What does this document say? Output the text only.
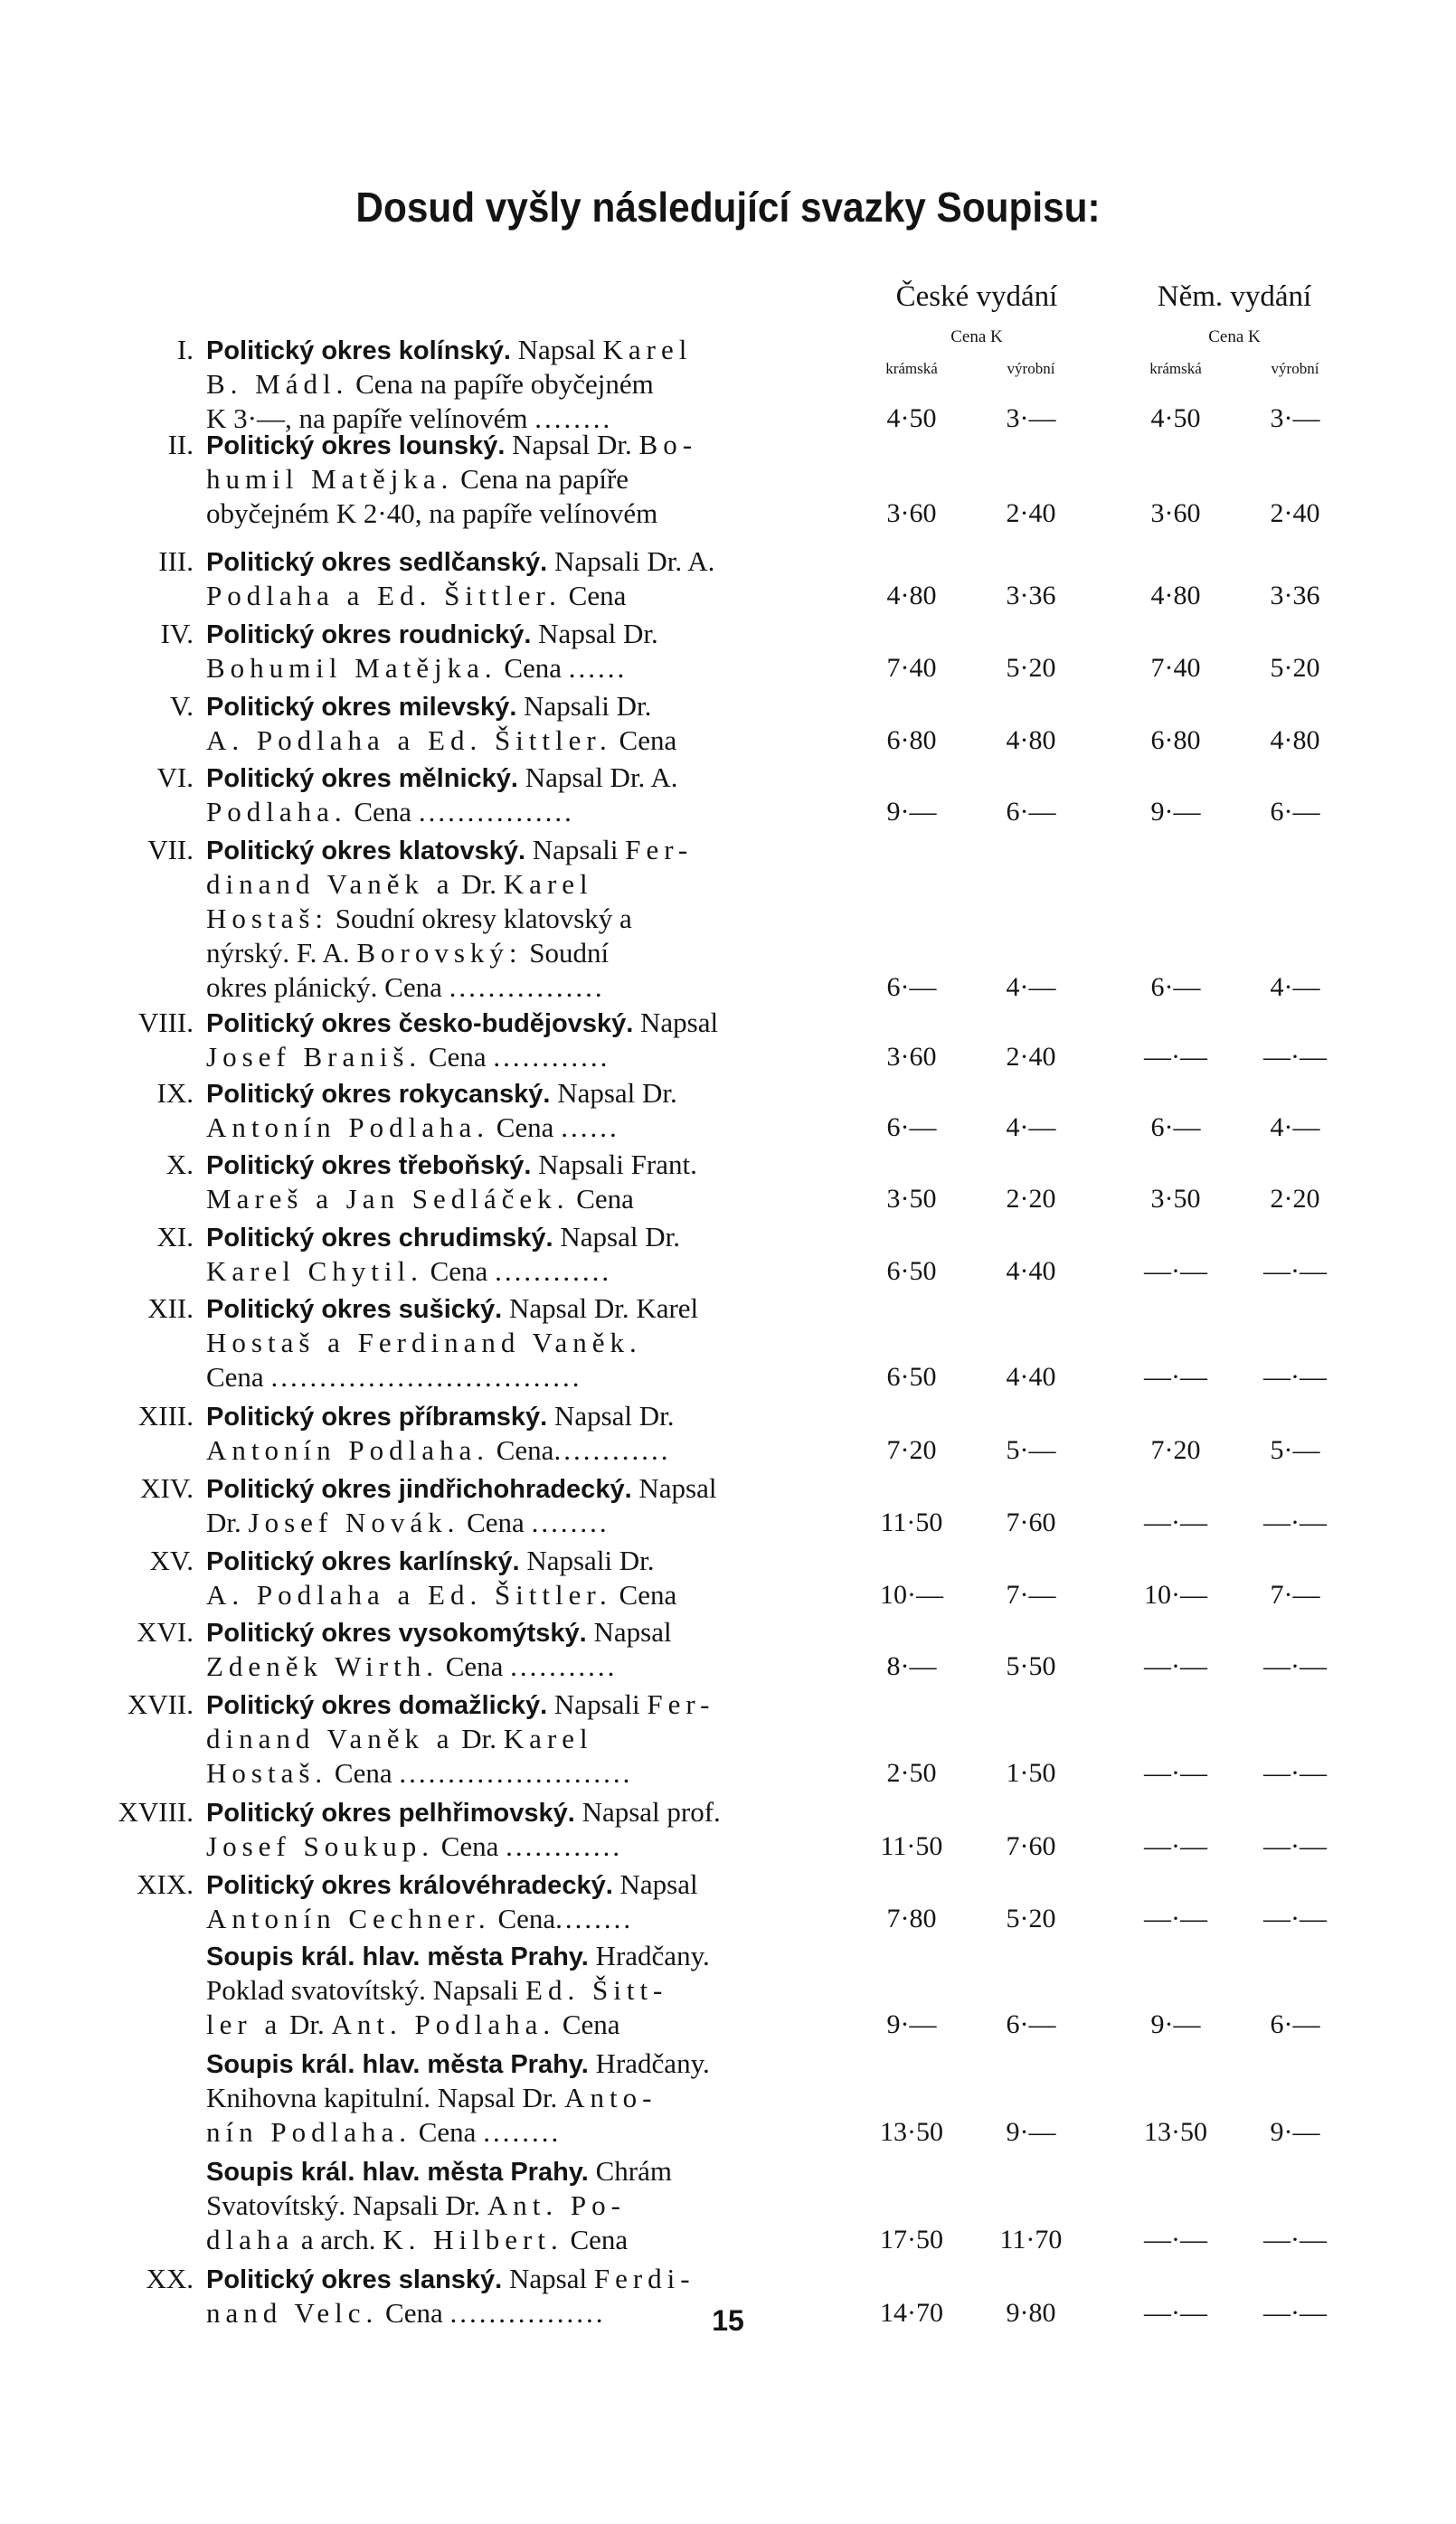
Dosud vyšly následující svazky Soupisu:
České vydání	Něm. vydání
Cena K	Cena K
krámská	výrobní	krámská	výrobní
I. Politický okres kolínský. Napsal Karel
B. Mádl. Cena na papíře obyčejném
K 3·—, na papíře velínovém ........	4·50	3·—	4·50	3·—
II. Politický okres lounský. Napsal Dr. Bo-
humil Matějka. Cena na papíře
obyčejném K 2·40, na papíře velínovém	3·60	2·40	3·60	2·40
III. Politický okres sedlčanský. Napsali Dr. A.
Podlaha a Ed. Šittler. Cena	4·80	3·36	4·80	3·36
IV. Politický okres roudnický. Napsal Dr.
Bohumil Matějka. Cena ......	7·40	5·20	7·40	5·20
V. Politický okres milevský. Napsali Dr.
A. Podlaha a Ed. Šittler. Cena	6·80	4·80	6·80	4·80
VI. Politický okres mělnický. Napsal Dr. A.
Podlaha. Cena ................	9·—	6·—	9·—	6·—
VII. Politický okres klatovský. Napsali Fer-
dinand Vaněk a Dr. Karel
Hostaš: Soudní okresy klatovský a
nýrský. F. A. Borovský: Soudní
okres plánický. Cena ................	6·—	4·—	6·—	4·—
VIII. Politický okres česko-budějovský. Napsal
Josef Braniš. Cena ............	3·60	2·40	—·—	—·—
IX. Politický okres rokycanský. Napsal Dr.
Antonín Podlaha. Cena ......	6·—	4·—	6·—	4·—
X. Politický okres třeboňský. Napsali Frant.
Mareš a Jan Sedláček. Cena	3·50	2·20	3·50	2·20
XI. Politický okres chrudimský. Napsal Dr.
Karel Chytil. Cena ............	6·50	4·40	—·—	—·—
XII. Politický okres sušický. Napsal Dr. Karel
Hostaš a Ferdinand Vaněk.
Cena ................................	6·50	4·40	—·—	—·—
XIII. Politický okres příbramský. Napsal Dr.
Antonín Podlaha. Cena............	7·20	5·—	7·20	5·—
XIV. Politický okres jindřichohradecký. Napsal
Dr. Josef Novák. Cena ........	11·50	7·60	—·—	—·—
XV. Politický okres karlínský. Napsali Dr.
A. Podlaha a Ed. Šittler. Cena	10·—	7·—	10·—	7·—
XVI. Politický okres vysokomýtský. Napsal
Zdeněk Wirth. Cena ...........	8·—	5·50	—·—	—·—
XVII. Politický okres domažlický. Napsali Fer-
dinand Vaněk a Dr. Karel
Hostaš. Cena ........................	2·50	1·50	—·—	—·—
XVIII. Politický okres pelhřimovský. Napsal prof.
Josef Soukup. Cena ............	11·50	7·60	—·—	—·—
XIX. Politický okres královéhradecký. Napsal
Antonín Cechner. Cena........	7·80	5·20	—·—	—·—
Soupis král. hlav. města Prahy. Hradčany.
Poklad svatovítský. Napsali Ed. Šitt-
ler a Dr. Ant. Podlaha. Cena	9·—	6·—	9·—	6·—
Soupis král. hlav. města Prahy. Hradčany.
Knihovna kapitulní. Napsal Dr. Anto-
nín Podlaha. Cena ........	13·50	9·—	13·50	9·—
Soupis král. hlav. města Prahy. Chrám
Svatovítský. Napsali Dr. Ant. Po-
dlaha a arch. K. Hilbert. Cena	17·50	11·70	—·—	—·—
XX. Politický okres slanský. Napsal Ferdi-
nand Velc. Cena ................	14·70	9·80	—·—	—·—
15
